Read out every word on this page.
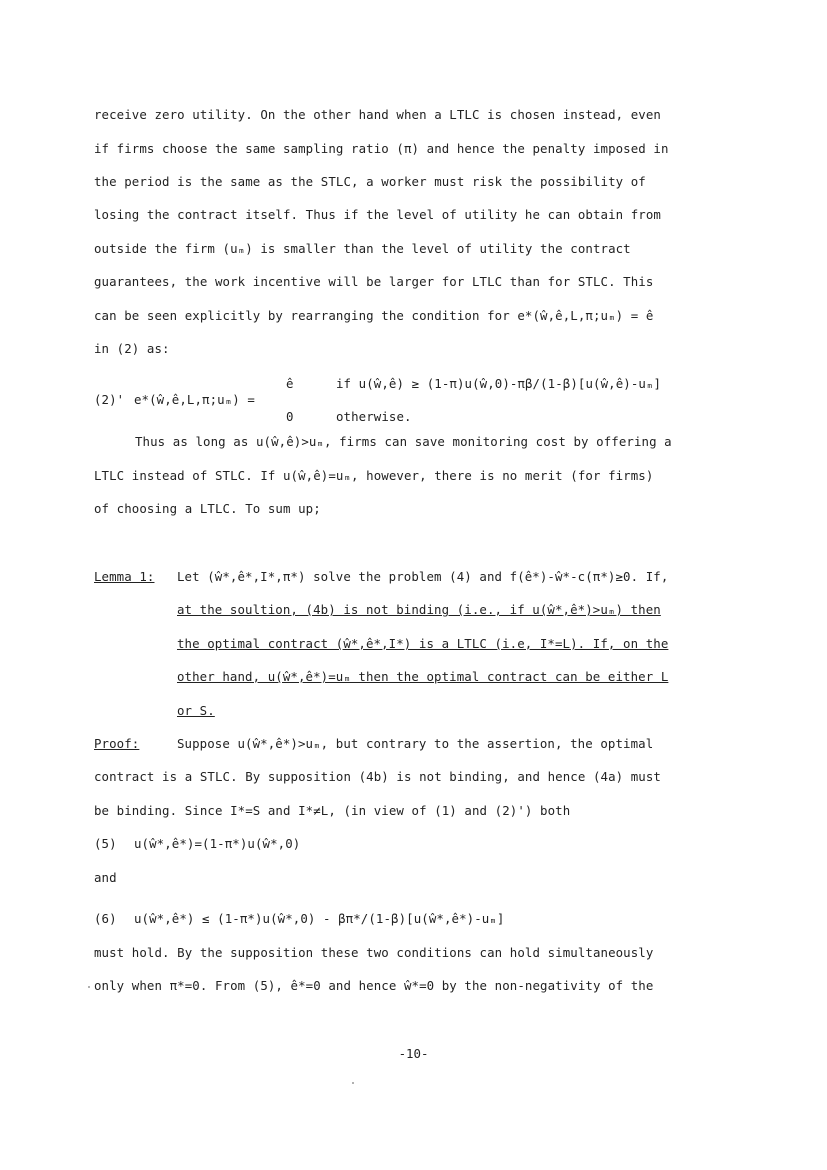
receive zero utility. On the other hand when a LTLC is chosen instead, even
if firms choose the same sampling ratio (π) and hence the penalty imposed in
the period is the same as the STLC, a worker must risk the possibility of
losing the contract itself. Thus if the level of utility he can obtain from
outside the firm (uₘ) is smaller than the level of utility the contract
guarantees, the work incentive will be larger for LTLC than for STLC. This
can be seen explicitly by rearranging the condition for e*(ŵ,ê,L,π;uₘ) = ê
in (2) as:
(2)' e*(ŵ,ê,L,π;uₘ) =
ê	if u(ŵ,ê) ≥ (1-π)u(ŵ,0)-πβ/(1-β)[u(ŵ,ê)-uₘ]
0	otherwise.
Thus as long as u(ŵ,ê)>uₘ, firms can save monitoring cost by offering a
LTLC instead of STLC. If u(ŵ,ê)=uₘ, however, there is no merit (for firms)
of choosing a LTLC. To sum up;
Lemma 1:	Let (ŵ*,ê*,I*,π*) solve the problem (4) and f(ê*)-ŵ*-c(π*)≥0. If,
at the soultion, (4b) is not binding (i.e., if u(ŵ*,ê*)>uₘ) then
the optimal contract (ŵ*,ê*,I*) is a LTLC (i.e, I*=L). If, on the
other hand, u(ŵ*,ê*)=uₘ then the optimal contract can be either L
or S.
Proof:	Suppose u(ŵ*,ê*)>uₘ, but contrary to the assertion, the optimal
contract is a STLC. By supposition (4b) is not binding, and hence (4a) must
be binding. Since I*=S and I*≠L, (in view of (1) and (2)') both
(5)	u(ŵ*,ê*)=(1-π*)u(ŵ*,0)
and
(6)	u(ŵ*,ê*) ≤ (1-π*)u(ŵ*,0) - βπ*/(1-β)[u(ŵ*,ê*)-uₘ]
must hold. By the supposition these two conditions can hold simultaneously
only when π*=0. From (5), ê*=0 and hence ŵ*=0 by the non-negativity of the
-10-
